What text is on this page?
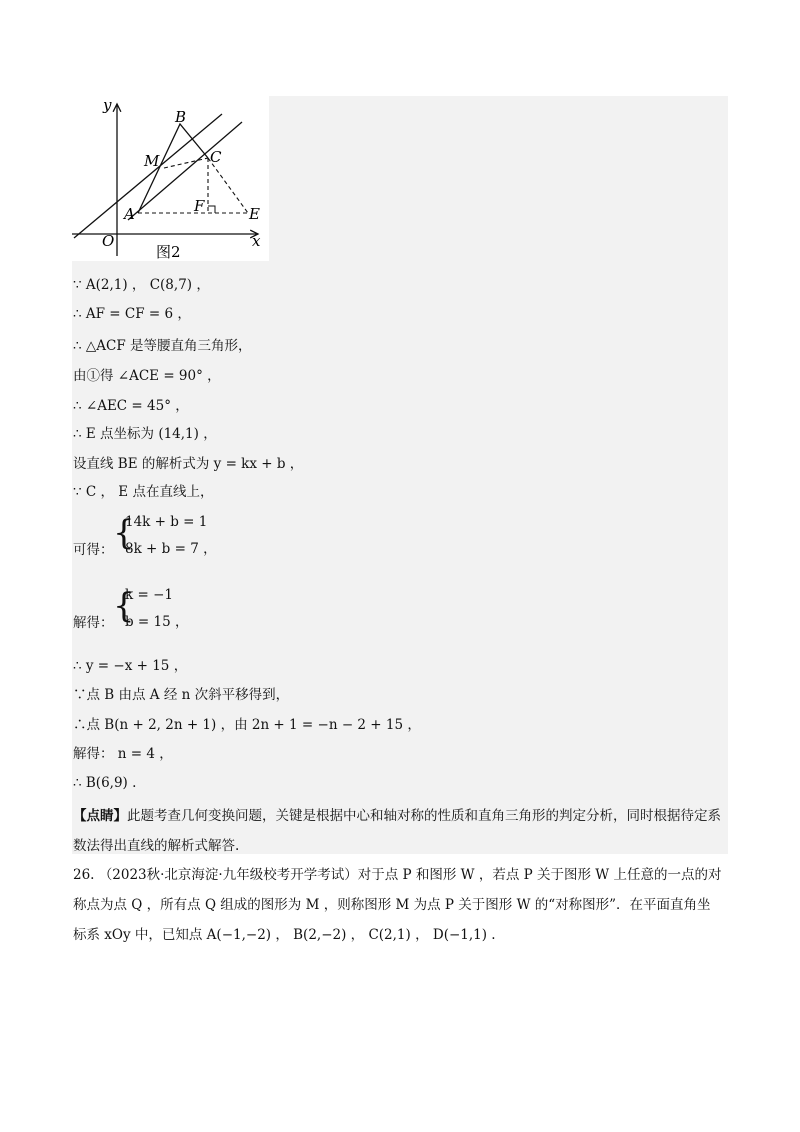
y
x
O
A
B
C
M
F	E
图2
∵ A(2,1) ， C(8,7) ，
∴ AF = CF = 6 ，
∴ △ACF 是等腰直角三角形，
由①得 ∠ACE = 90° ，
∴ ∠AEC = 45° ，
∴ E 点坐标为 (14,1) ，
设直线 BE 的解析式为 y = kx + b ，
∵ C ， E 点在直线上，
可得： {
14k + b = 1
8k + b = 7 ，
解得： {
k = −1
b = 15 ，
∴ y = −x + 15 ，
∵点 B 由点 A 经 n 次斜平移得到，
∴点 B(n + 2, 2n + 1) ，由 2n + 1 = −n − 2 + 15 ，
解得： n = 4 ，
∴ B(6,9) .
【点睛】此题考查几何变换问题，关键是根据中心和轴对称的性质和直角三角形的判定分析，同时根据待定系数法得出直线的解析式解答.
26. （2023秋·北京海淀·九年级校考开学考试）对于点 P 和图形 W ，若点 P 关于图形 W 上任意的一点的对称点为点 Q ，所有点 Q 组成的图形为 M ，则称图形 M 为点 P 关于图形 W 的“对称图形”．在平面直角坐标系 xOy 中，已知点 A(−1,−2) ， B(2,−2) ， C(2,1) ， D(−1,1) .
